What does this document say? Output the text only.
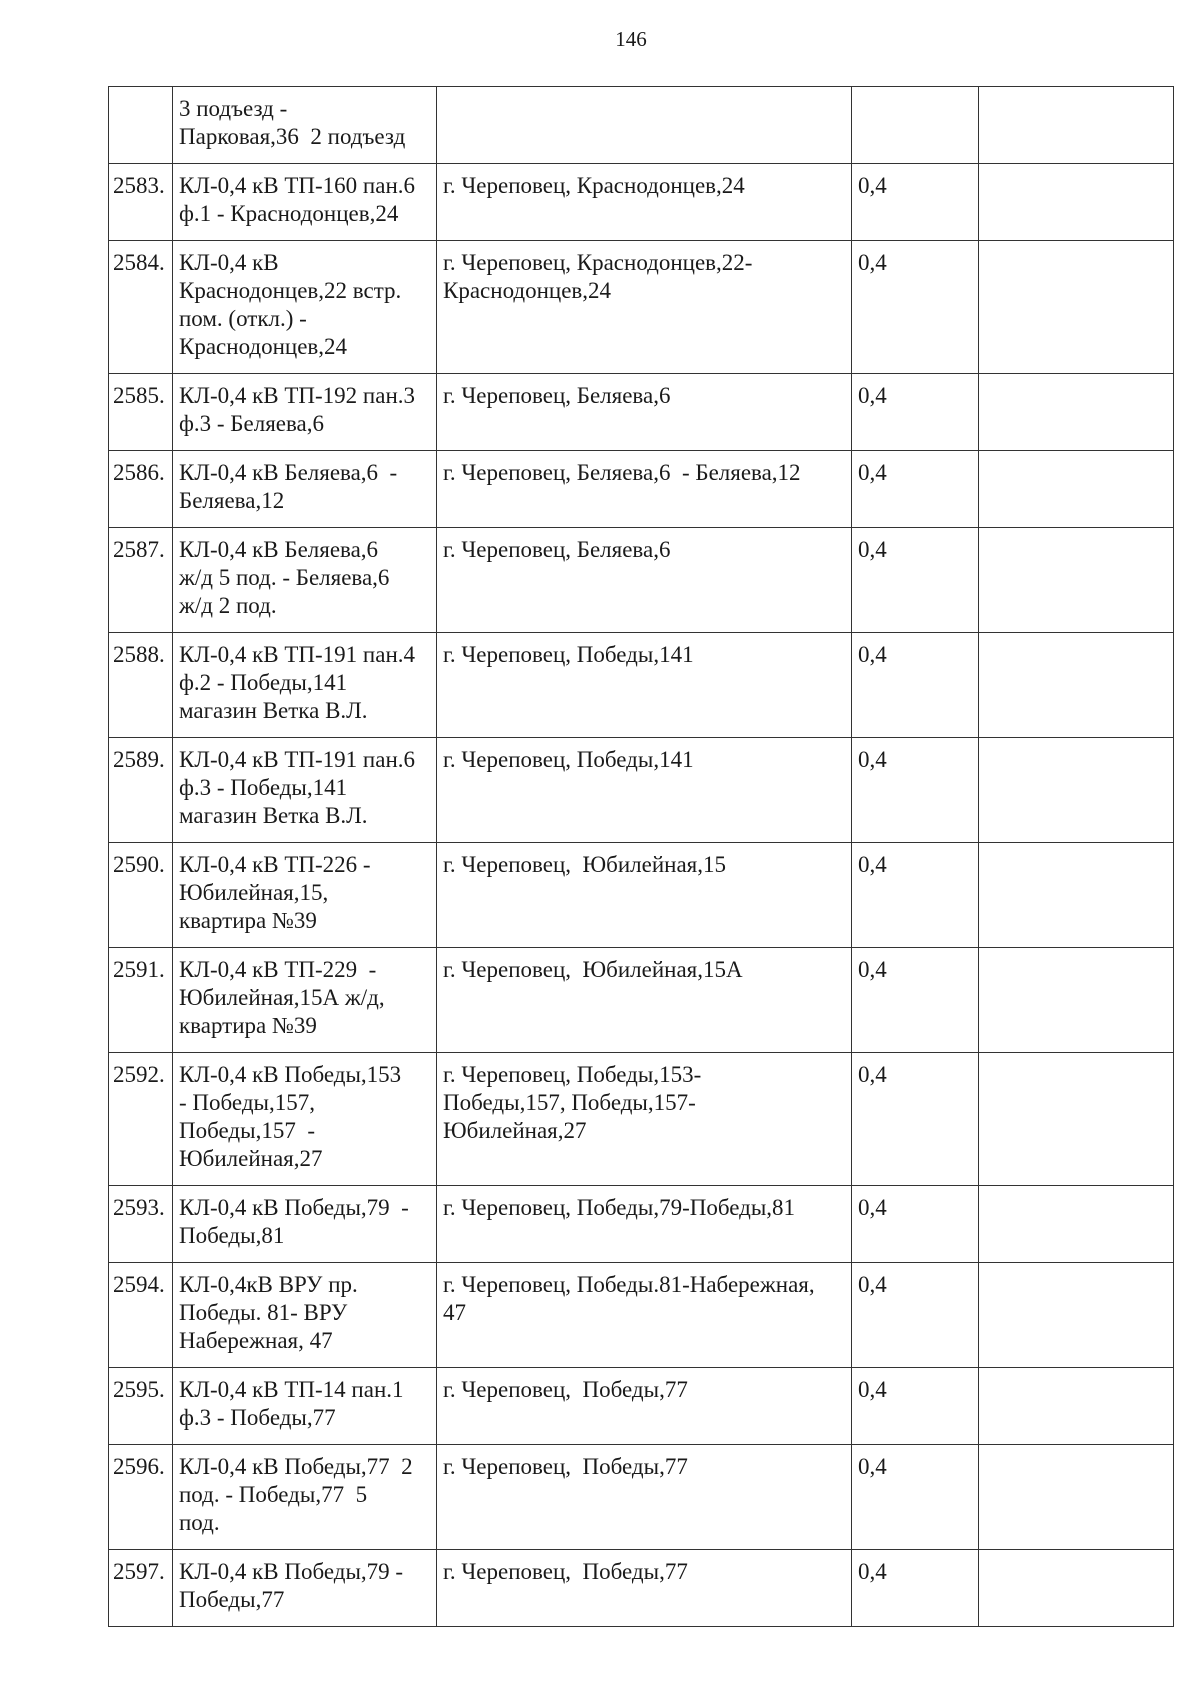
146
	3 подъезд -
Парковая,36  2 подъезд			
2583.	КЛ-0,4 кВ ТП-160 пан.6
ф.1 - Краснодонцев,24	г. Череповец, Краснодонцев,24	0,4	
2584.	КЛ-0,4 кВ
Краснодонцев,22 встр.
пом. (откл.) -
Краснодонцев,24	г. Череповец, Краснодонцев,22-
Краснодонцев,24	0,4	
2585.	КЛ-0,4 кВ ТП-192 пан.3
ф.3 - Беляева,6	г. Череповец, Беляева,6	0,4	
2586.	КЛ-0,4 кВ Беляева,6  -
Беляева,12	г. Череповец, Беляева,6  - Беляева,12	0,4	
2587.	КЛ-0,4 кВ Беляева,6
ж/д 5 под. - Беляева,6
ж/д 2 под.	г. Череповец, Беляева,6	0,4	
2588.	КЛ-0,4 кВ ТП-191 пан.4
ф.2 - Победы,141
магазин Ветка В.Л.	г. Череповец, Победы,141	0,4	
2589.	КЛ-0,4 кВ ТП-191 пан.6
ф.3 - Победы,141
магазин Ветка В.Л.	г. Череповец, Победы,141	0,4	
2590.	КЛ-0,4 кВ ТП-226 -
Юбилейная,15,
квартира №39	г. Череповец,  Юбилейная,15	0,4	
2591.	КЛ-0,4 кВ ТП-229  -
Юбилейная,15А ж/д,
квартира №39	г. Череповец,  Юбилейная,15А	0,4	
2592.	КЛ-0,4 кВ Победы,153
- Победы,157,
Победы,157  -
Юбилейная,27	г. Череповец, Победы,153-
Победы,157, Победы,157-
Юбилейная,27	0,4	
2593.	КЛ-0,4 кВ Победы,79  -
Победы,81	г. Череповец, Победы,79-Победы,81	0,4	
2594.	КЛ-0,4кВ ВРУ пр.
Победы. 81- ВРУ
Набережная, 47	г. Череповец, Победы.81-Набережная,
47	0,4	
2595.	КЛ-0,4 кВ ТП-14 пан.1
ф.3 - Победы,77	г. Череповец,  Победы,77	0,4	
2596.	КЛ-0,4 кВ Победы,77  2
под. - Победы,77  5
под.	г. Череповец,  Победы,77	0,4	
2597.	КЛ-0,4 кВ Победы,79 -
Победы,77	г. Череповец,  Победы,77	0,4	
